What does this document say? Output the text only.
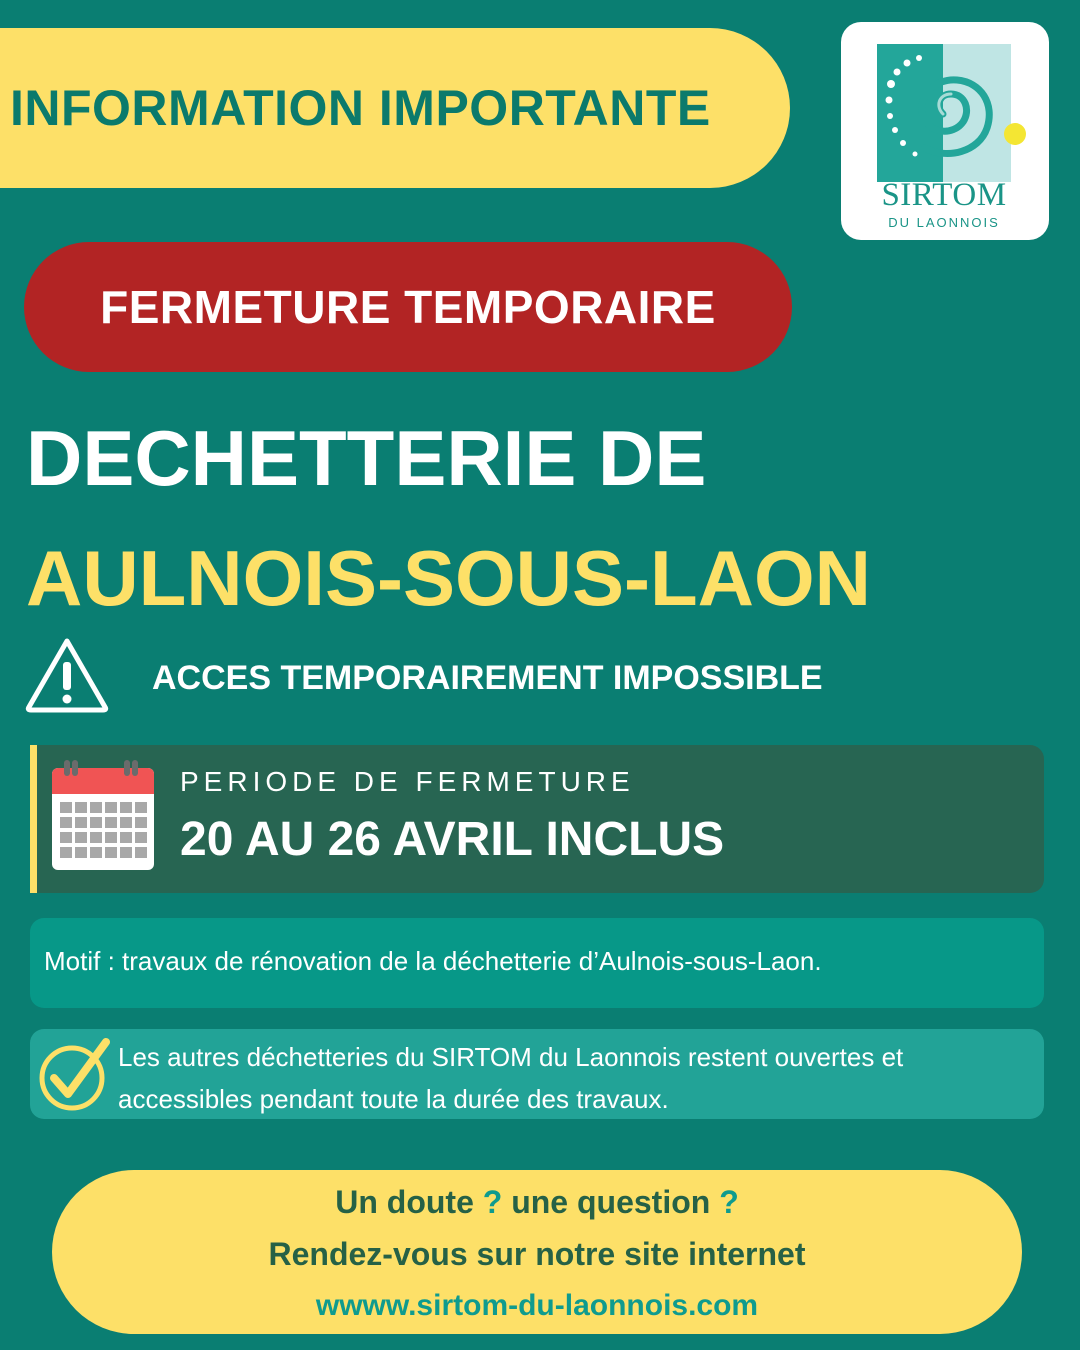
INFORMATION IMPORTANTE
SIRTOM
DU LAONNOIS
FERMETURE TEMPORAIRE
DECHETTERIE DE
AULNOIS-SOUS-LAON
ACCES TEMPORAIREMENT IMPOSSIBLE
PERIODE DE FERMETURE
20 AU 26 AVRIL INCLUS
Motif : travaux de rénovation de la déchetterie d’Aulnois-sous-Laon.
Les autres déchetteries du SIRTOM du Laonnois restent ouvertes et accessibles pendant toute la durée des travaux.
Un doute ? une question ?
Rendez-vous sur notre site internet
wwww.sirtom-du-laonnois.com
